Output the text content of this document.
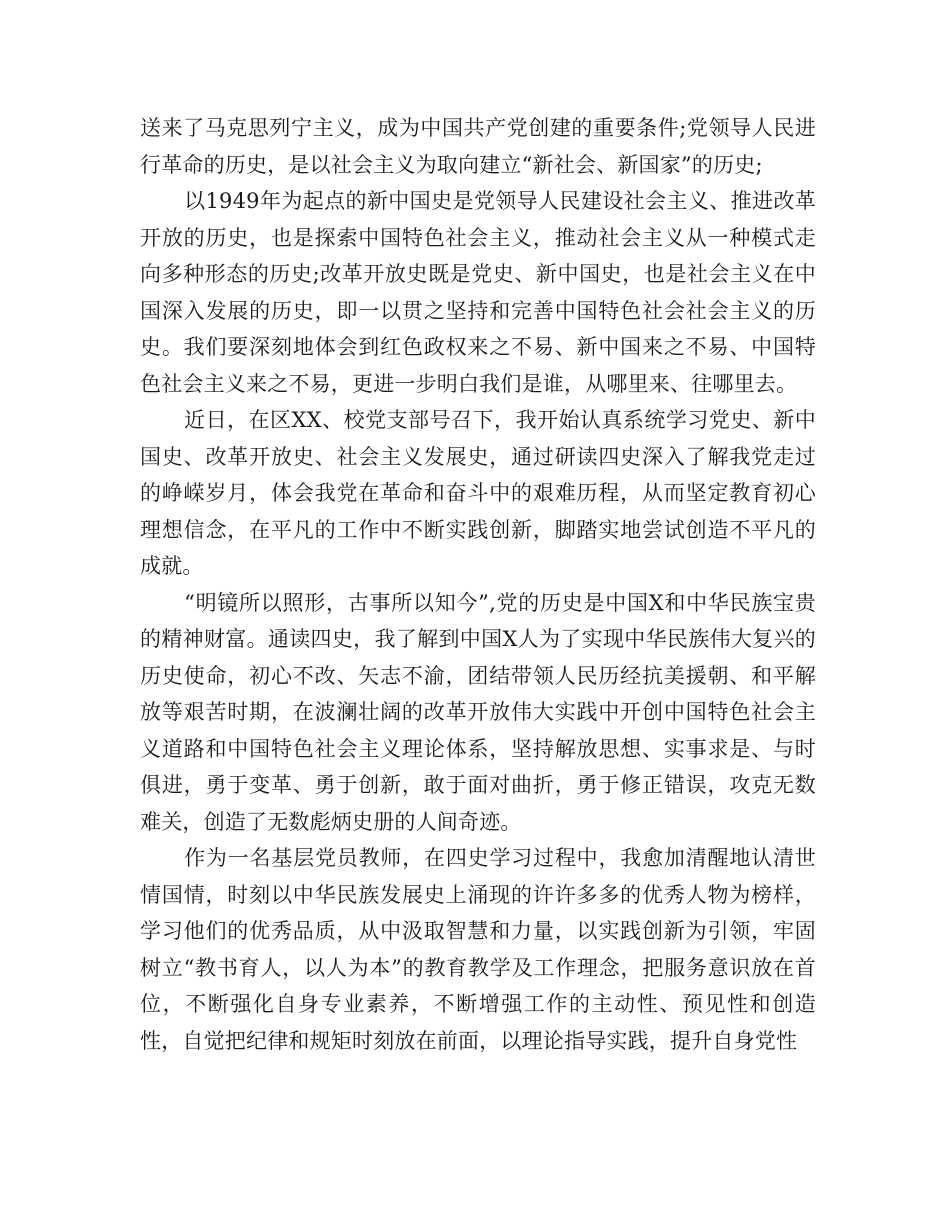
送来了马克思列宁主义，成为中国共产党创建的重要条件;党领导人民进行革命的历史，是以社会主义为取向建立“新社会、新国家”的历史;

以1949年为起点的新中国史是党领导人民建设社会主义、推进改革开放的历史，也是探索中国特色社会主义，推动社会主义从一种模式走向多种形态的历史;改革开放史既是党史、新中国史，也是社会主义在中国深入发展的历史，即一以贯之坚持和完善中国特色社会社会主义的历史。我们要深刻地体会到红色政权来之不易、新中国来之不易、中国特色社会主义来之不易，更进一步明白我们是谁，从哪里来、往哪里去。

近日，在区XX、校党支部号召下，我开始认真系统学习党史、新中国史、改革开放史、社会主义发展史，通过研读四史深入了解我党走过的峥嵘岁月，体会我党在革命和奋斗中的艰难历程，从而坚定教育初心理想信念，在平凡的工作中不断实践创新，脚踏实地尝试创造不平凡的成就。

“明镜所以照形，古事所以知今”,党的历史是中国X和中华民族宝贵的精神财富。通读四史，我了解到中国X人为了实现中华民族伟大复兴的历史使命，初心不改、矢志不渝，团结带领人民历经抗美援朝、和平解放等艰苦时期，在波澜壮阔的改革开放伟大实践中开创中国特色社会主义道路和中国特色社会主义理论体系，坚持解放思想、实事求是、与时俱进，勇于变革、勇于创新，敢于面对曲折，勇于修正错误，攻克无数难关，创造了无数彪炳史册的人间奇迹。

作为一名基层党员教师，在四史学习过程中，我愈加清醒地认清世情国情，时刻以中华民族发展史上涌现的许许多多的优秀人物为榜样，学习他们的优秀品质，从中汲取智慧和力量，以实践创新为引领，牢固树立“教书育人，以人为本”的教育教学及工作理念，把服务意识放在首位，不断强化自身专业素养，不断增强工作的主动性、预见性和创造性，自觉把纪律和规矩时刻放在前面，以理论指导实践，提升自身党性
